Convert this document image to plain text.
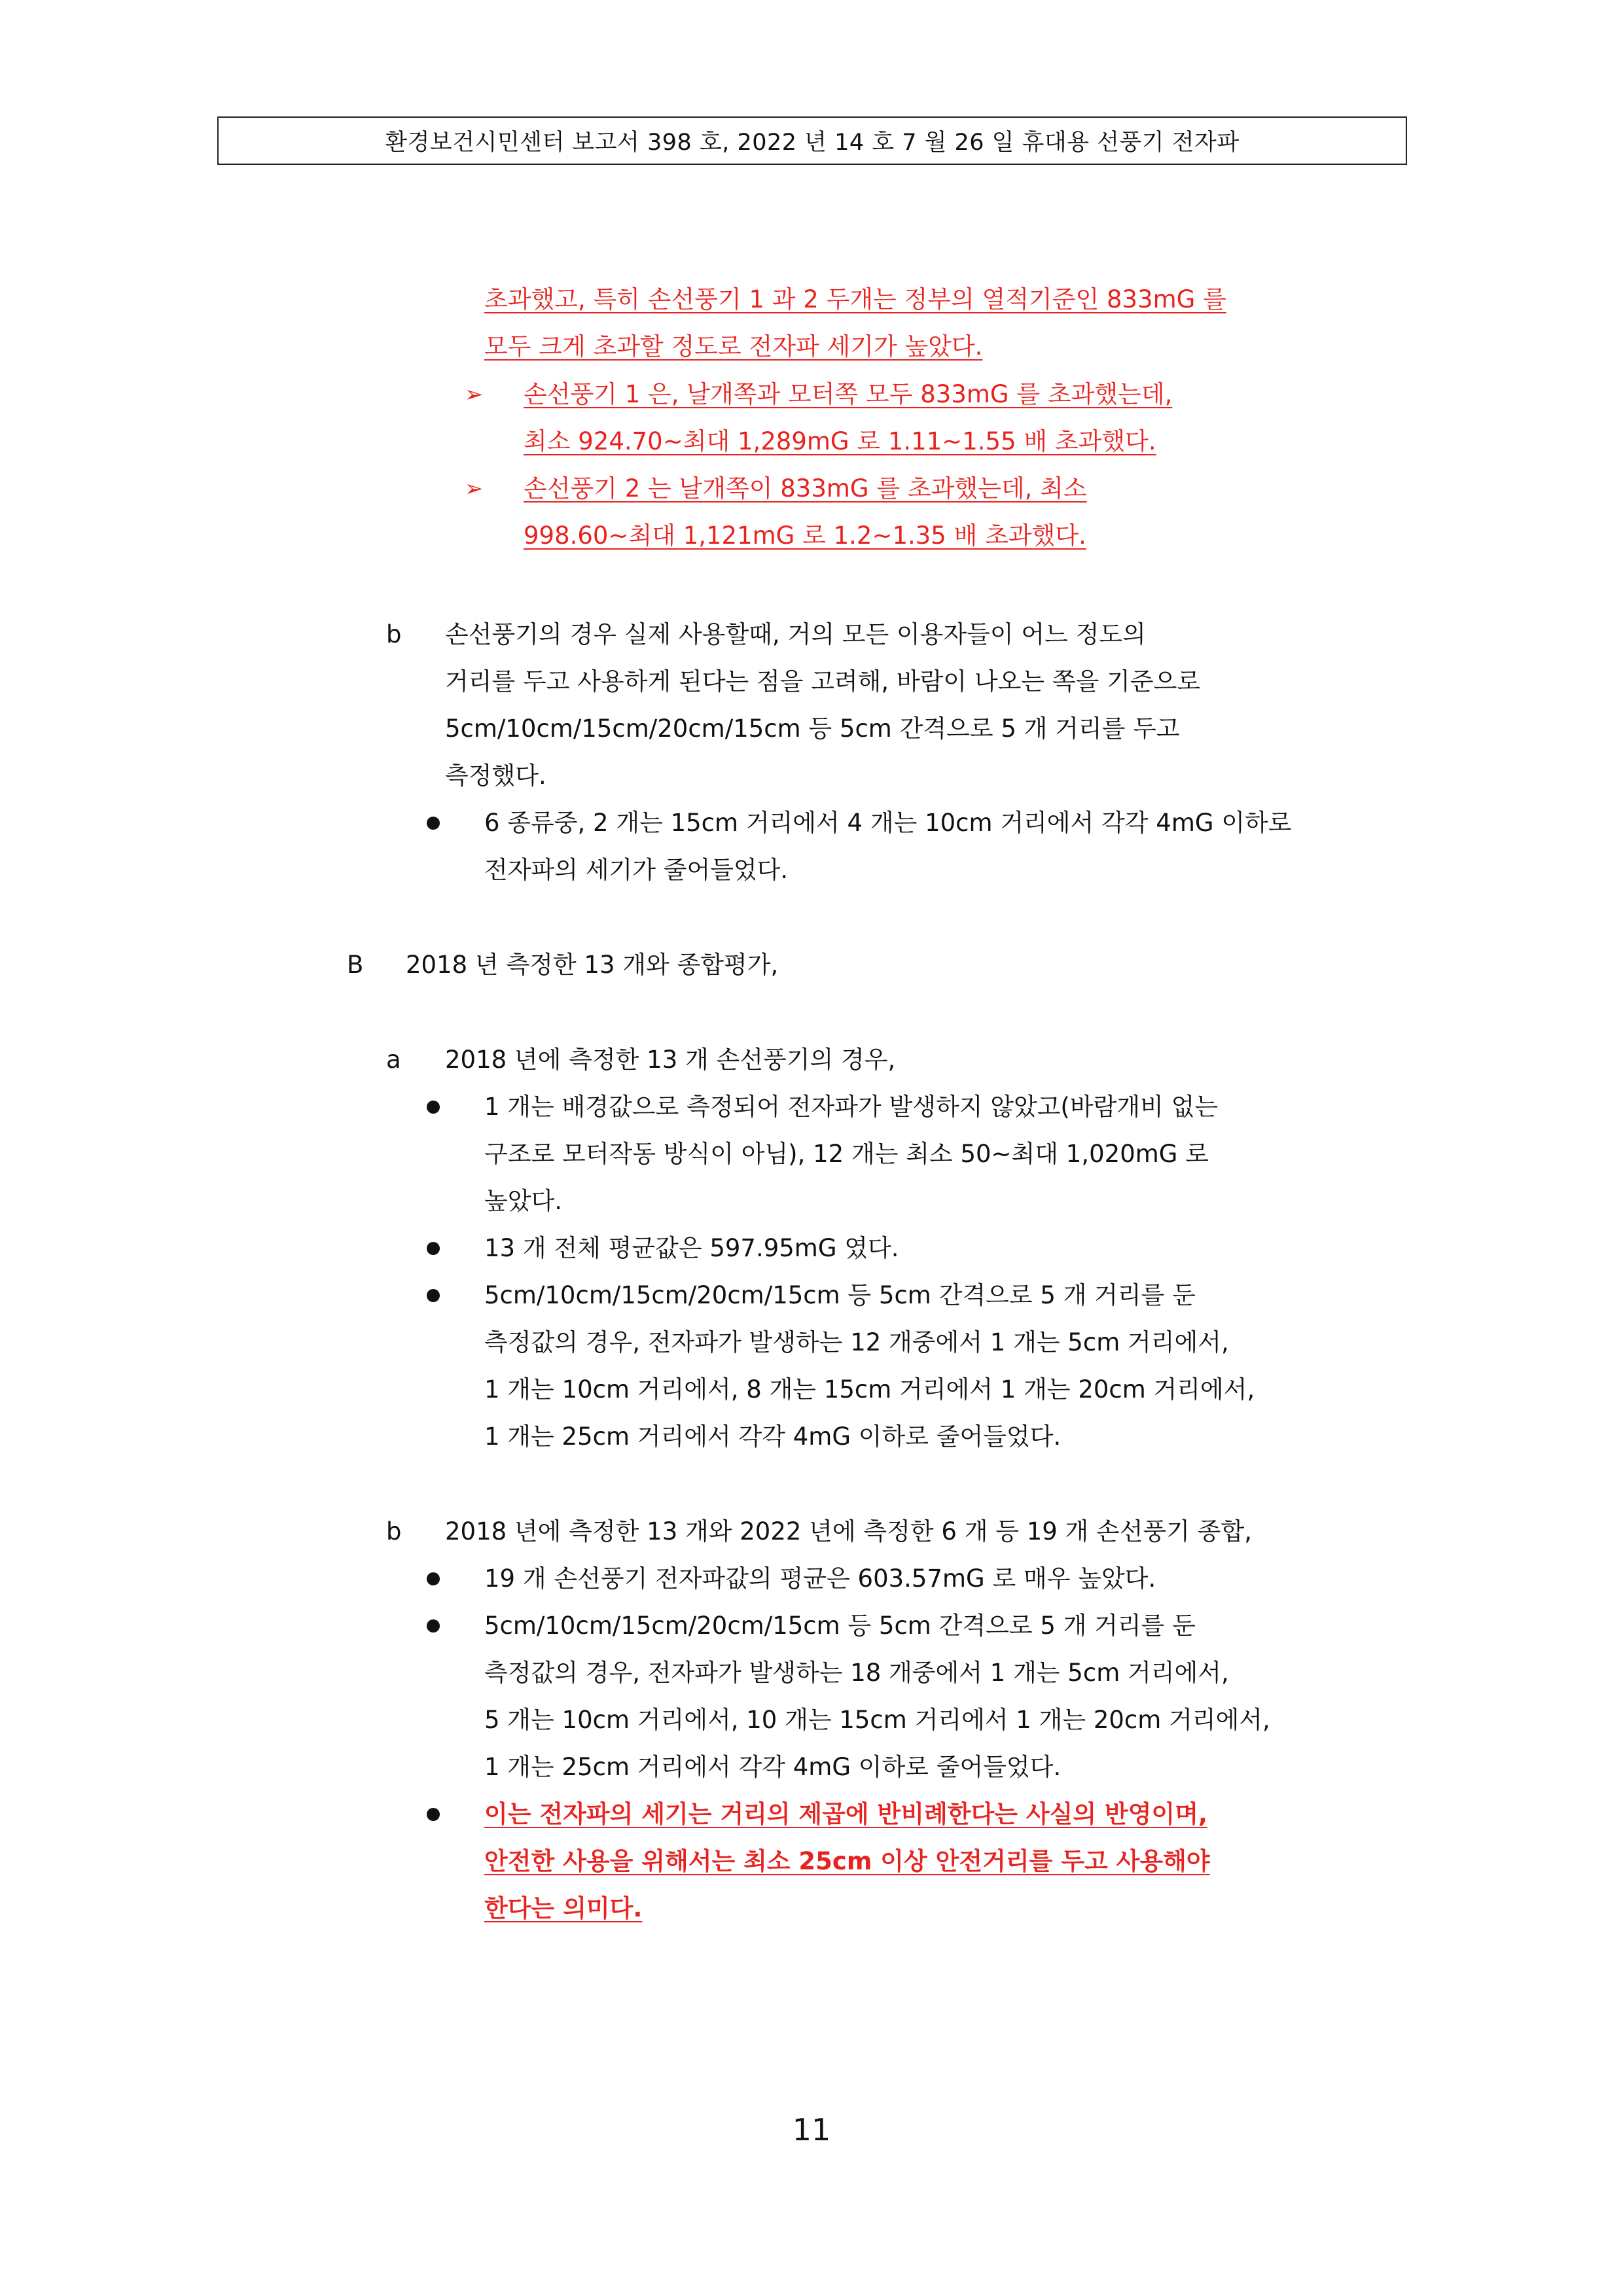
환경보건시민센터 보고서 398 호, 2022 년 14 호 7 월 26 일 휴대용 선풍기 전자파
초과했고, 특히 손선풍기 1 과 2 두개는 정부의 열적기준인 833mG 를
모두 크게 초과할 정도로 전자파 세기가 높았다.
➢ 손선풍기 1 은, 날개쪽과 모터쪽 모두 833mG 를 초과했는데,
최소 924.70~최대 1,289mG 로 1.11~1.55 배 초과했다.
➢ 손선풍기 2 는 날개쪽이 833mG 를 초과했는데, 최소
998.60~최대 1,121mG 로 1.2~1.35 배 초과했다.
b 손선풍기의 경우 실제 사용할때, 거의 모든 이용자들이 어느 정도의
거리를 두고 사용하게 된다는 점을 고려해, 바람이 나오는 쪽을 기준으로
5cm/10cm/15cm/20cm/15cm 등 5cm 간격으로 5 개 거리를 두고
측정했다.
6 종류중, 2 개는 15cm 거리에서 4 개는 10cm 거리에서 각각 4mG 이하로
전자파의 세기가 줄어들었다.
B 2018 년 측정한 13 개와 종합평가,
a 2018 년에 측정한 13 개 손선풍기의 경우,
1 개는 배경값으로 측정되어 전자파가 발생하지 않았고(바람개비 없는
구조로 모터작동 방식이 아님), 12 개는 최소 50~최대 1,020mG 로
높았다.
13 개 전체 평균값은 597.95mG 였다.
5cm/10cm/15cm/20cm/15cm 등 5cm 간격으로 5 개 거리를 둔
측정값의 경우, 전자파가 발생하는 12 개중에서 1 개는 5cm 거리에서,
1 개는 10cm 거리에서, 8 개는 15cm 거리에서 1 개는 20cm 거리에서,
1 개는 25cm 거리에서 각각 4mG 이하로 줄어들었다.
b 2018 년에 측정한 13 개와 2022 년에 측정한 6 개 등 19 개 손선풍기 종합,
19 개 손선풍기 전자파값의 평균은 603.57mG 로 매우 높았다.
5cm/10cm/15cm/20cm/15cm 등 5cm 간격으로 5 개 거리를 둔
측정값의 경우, 전자파가 발생하는 18 개중에서 1 개는 5cm 거리에서,
5 개는 10cm 거리에서, 10 개는 15cm 거리에서 1 개는 20cm 거리에서,
1 개는 25cm 거리에서 각각 4mG 이하로 줄어들었다.
이는 전자파의 세기는 거리의 제곱에 반비례한다는 사실의 반영이며,
안전한 사용을 위해서는 최소 25cm 이상 안전거리를 두고 사용해야
한다는 의미다.
11
